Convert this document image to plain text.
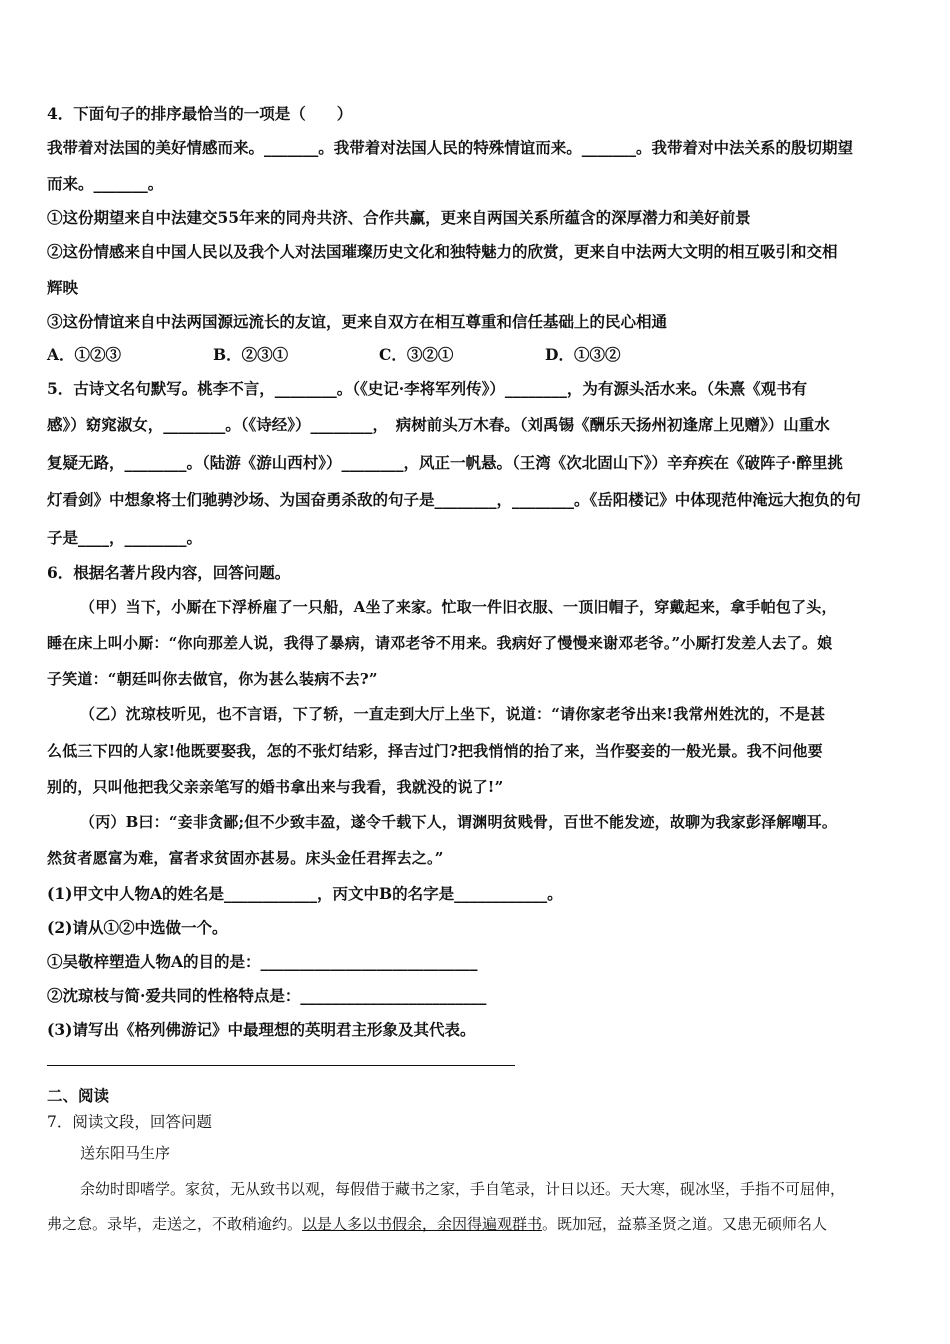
4．下面句子的排序最恰当的一项是（　　）
我带着对法国的美好情感而来。_______。我带着对法国人民的特殊情谊而来。_______。我带着对中法关系的殷切期望
而来。_______。
①这份期望来自中法建交55年来的同舟共济、合作共赢，更来自两国关系所蕴含的深厚潜力和美好前景
②这份情感来自中国人民以及我个人对法国璀璨历史文化和独特魅力的欣赏，更来自中法两大文明的相互吸引和交相
辉映
③这份情谊来自中法两国源远流长的友谊，更来自双方在相互尊重和信任基础上的民心相通
A．①②③	B．②③①	C．③②①	D．①③②
5．古诗文名句默写。桃李不言，________。（《史记·李将军列传》）________，为有源头活水来。（朱熹《观书有
感》）窈窕淑女，________。（《诗经》）________，　病树前头万木春。（刘禹锡《酬乐天扬州初逢席上见赠》）山重水
复疑无路，________。（陆游《游山西村》）________，风正一帆悬。（王湾《次北固山下》）辛弃疾在《破阵子·醉里挑
灯看剑》中想象将士们驰骋沙场、为国奋勇杀敌的句子是________，________。《岳阳楼记》中体现范仲淹远大抱负的句
子是____，________。
6．根据名著片段内容，回答问题。
（甲）当下，小厮在下浮桥雇了一只船，A坐了来家。忙取一件旧衣服、一顶旧帽子，穿戴起来，拿手帕包了头，
睡在床上叫小厮：“你向那差人说，我得了暴病，请邓老爷不用来。我病好了慢慢来谢邓老爷。”小厮打发差人去了。娘
子笑道：“朝廷叫你去做官，你为甚么装病不去?”
（乙）沈琼枝听见，也不言语，下了轿，一直走到大厅上坐下，说道：“请你家老爷出来!我常州姓沈的，不是甚
么低三下四的人家!他既要娶我，怎的不张灯结彩，择吉过门?把我悄悄的抬了来，当作娶妾的一般光景。我不问他要
别的，只叫他把我父亲亲笔写的婚书拿出来与我看，我就没的说了!”
（丙）B曰：“妾非贪鄙;但不少致丰盈，遂令千载下人，谓渊明贫贱骨，百世不能发迹，故聊为我家彭泽解嘲耳。
然贫者愿富为难，富者求贫固亦甚易。床头金任君挥去之。”
(1)甲文中人物A的姓名是____________，丙文中B的名字是____________。
(2)请从①②中选做一个。
①吴敬梓塑造人物A的目的是：____________________________
②沈琼枝与简·爱共同的性格特点是：________________________
(3)请写出《格列佛游记》中最理想的英明君主形象及其代表。
二、阅读
7．阅读文段，回答问题
送东阳马生序
余幼时即嗜学。家贫，无从致书以观，每假借于藏书之家，手自笔录，计日以还。天大寒，砚冰坚，手指不可屈伸，
弗之怠。录毕，走送之，不敢稍逾约。以是人多以书假余，余因得遍观群书。既加冠，益慕圣贤之道。又患无硕师名人
